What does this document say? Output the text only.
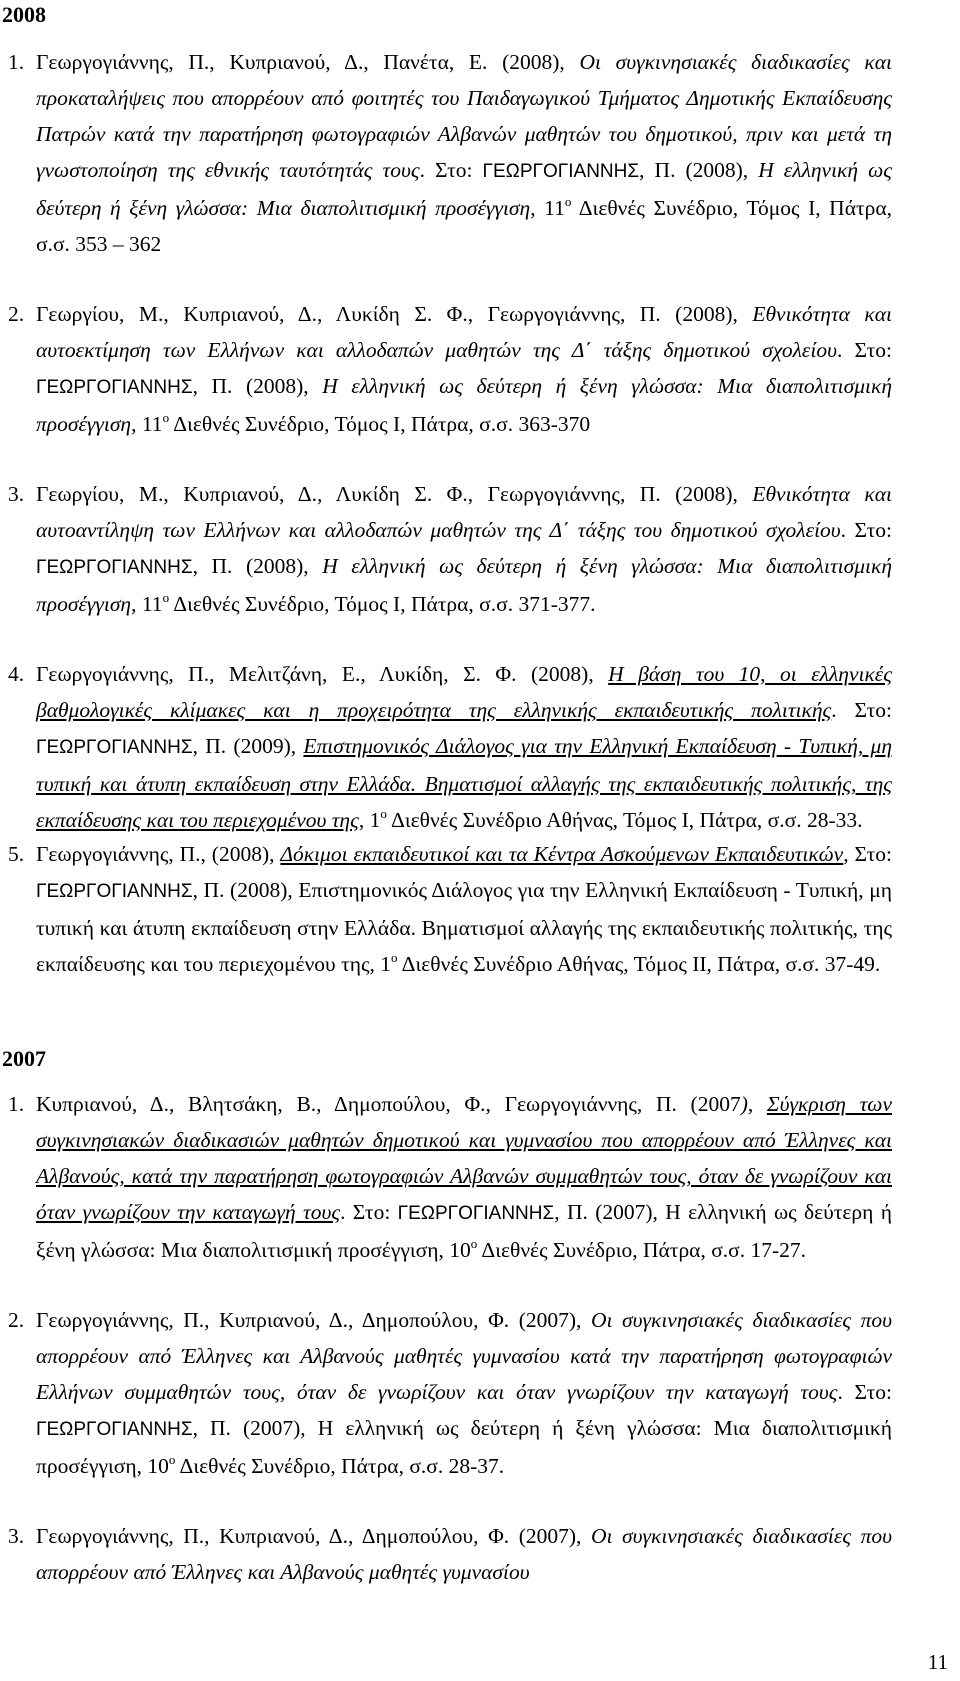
2008
1. Γεωργογιάννης, Π., Κυπριανού, Δ., Πανέτα, Ε. (2008), Οι συγκινησιακές διαδικασίες και προκαταλήψεις που απορρέουν από φοιτητές του Παιδαγωγικού Τμήματος Δημοτικής Εκπαίδευσης Πατρών κατά την παρατήρηση φωτογραφιών Αλβανών μαθητών του δημοτικού, πριν και μετά τη γνωστοποίηση της εθνικής ταυτότητάς τους. Στο: ΓΕΩΡΓΟΓΙΑΝΝΗΣ, Π. (2008), Η ελληνική ως δεύτερη ή ξένη γλώσσα: Μια διαπολιτισμική προσέγγιση, $11^o$ Διεθνές Συνέδριο, Τόμος Ι, Πάτρα, σ.σ. 353 – 362
2. Γεωργίου, Μ., Κυπριανού, Δ., Λυκίδη Σ. Φ., Γεωργογιάννης, Π. (2008), Εθνικότητα και αυτοεκτίμηση των Ελλήνων και αλλοδαπών μαθητών της Δ΄ τάξης δημοτικού σχολείου. Στο: ΓΕΩΡΓΟΓΙΑΝΝΗΣ, Π. (2008), Η ελληνική ως δεύτερη ή ξένη γλώσσα: Μια διαπολιτισμική προσέγγιση, $11^o$ Διεθνές Συνέδριο, Τόμος Ι, Πάτρα, σ.σ. 363-370
3. Γεωργίου, Μ., Κυπριανού, Δ., Λυκίδη Σ. Φ., Γεωργογιάννης, Π. (2008), Εθνικότητα και αυτοαντίληψη των Ελλήνων και αλλοδαπών μαθητών της Δ΄ τάξης του δημοτικού σχολείου. Στο: ΓΕΩΡΓΟΓΙΑΝΝΗΣ, Π. (2008), Η ελληνική ως δεύτερη ή ξένη γλώσσα: Μια διαπολιτισμική προσέγγιση, $11^o$ Διεθνές Συνέδριο, Τόμος Ι, Πάτρα, σ.σ. 371-377.
4. Γεωργογιάννης, Π., Μελιτζάνη, Ε., Λυκίδη, Σ. Φ. (2008), Η βάση του 10, οι ελληνικές βαθμολογικές κλίμακες και η προχειρότητα της ελληνικής εκπαιδευτικής πολιτικής. Στο: ΓΕΩΡΓΟΓΙΑΝΝΗΣ, Π. (2009), Επιστημονικός Διάλογος για την Ελληνική Εκπαίδευση - Τυπική, μη τυπική και άτυπη εκπαίδευση στην Ελλάδα. Βηματισμοί αλλαγής της εκπαιδευτικής πολιτικής, της εκπαίδευσης και του περιεχομένου της, $1^o$ Διεθνές Συνέδριο Αθήνας, Τόμος Ι, Πάτρα, σ.σ. 28-33.
5. Γεωργογιάννης, Π., (2008), Δόκιμοι εκπαιδευτικοί και τα Κέντρα Ασκούμενων Εκπαιδευτικών, Στο: ΓΕΩΡΓΟΓΙΑΝΝΗΣ, Π. (2008), Επιστημονικός Διάλογος για την Ελληνική Εκπαίδευση - Τυπική, μη τυπική και άτυπη εκπαίδευση στην Ελλάδα. Βηματισμοί αλλαγής της εκπαιδευτικής πολιτικής, της εκπαίδευσης και του περιεχομένου της, $1^o$ Διεθνές Συνέδριο Αθήνας, Τόμος ΙΙ, Πάτρα, σ.σ. 37-49.
2007
1. Κυπριανού, Δ., Βλητσάκη, Β., Δημοπούλου, Φ., Γεωργογιάννης, Π. (2007), Σύγκριση των συγκινησιακών διαδικασιών μαθητών δημοτικού και γυμνασίου που απορρέουν από Έλληνες και Αλβανούς, κατά την παρατήρηση φωτογραφιών Αλβανών συμμαθητών τους, όταν δε γνωρίζουν και όταν γνωρίζουν την καταγωγή τους. Στο: ΓΕΩΡΓΟΓΙΑΝΝΗΣ, Π. (2007), Η ελληνική ως δεύτερη ή ξένη γλώσσα: Μια διαπολιτισμική προσέγγιση, $10^o$ Διεθνές Συνέδριο, Πάτρα, σ.σ. 17-27.
2. Γεωργογιάννης, Π., Κυπριανού, Δ., Δημοπούλου, Φ. (2007), Οι συγκινησιακές διαδικασίες που απορρέουν από Έλληνες και Αλβανούς μαθητές γυμνασίου κατά την παρατήρηση φωτογραφιών Ελλήνων συμμαθητών τους, όταν δε γνωρίζουν και όταν γνωρίζουν την καταγωγή τους. Στο: ΓΕΩΡΓΟΓΙΑΝΝΗΣ, Π. (2007), Η ελληνική ως δεύτερη ή ξένη γλώσσα: Μια διαπολιτισμική προσέγγιση, $10^o$ Διεθνές Συνέδριο, Πάτρα, σ.σ. 28-37.
3. Γεωργογιάννης, Π., Κυπριανού, Δ., Δημοπούλου, Φ. (2007), Οι συγκινησιακές διαδικασίες που απορρέουν από Έλληνες και Αλβανούς μαθητές γυμνασίου
11
